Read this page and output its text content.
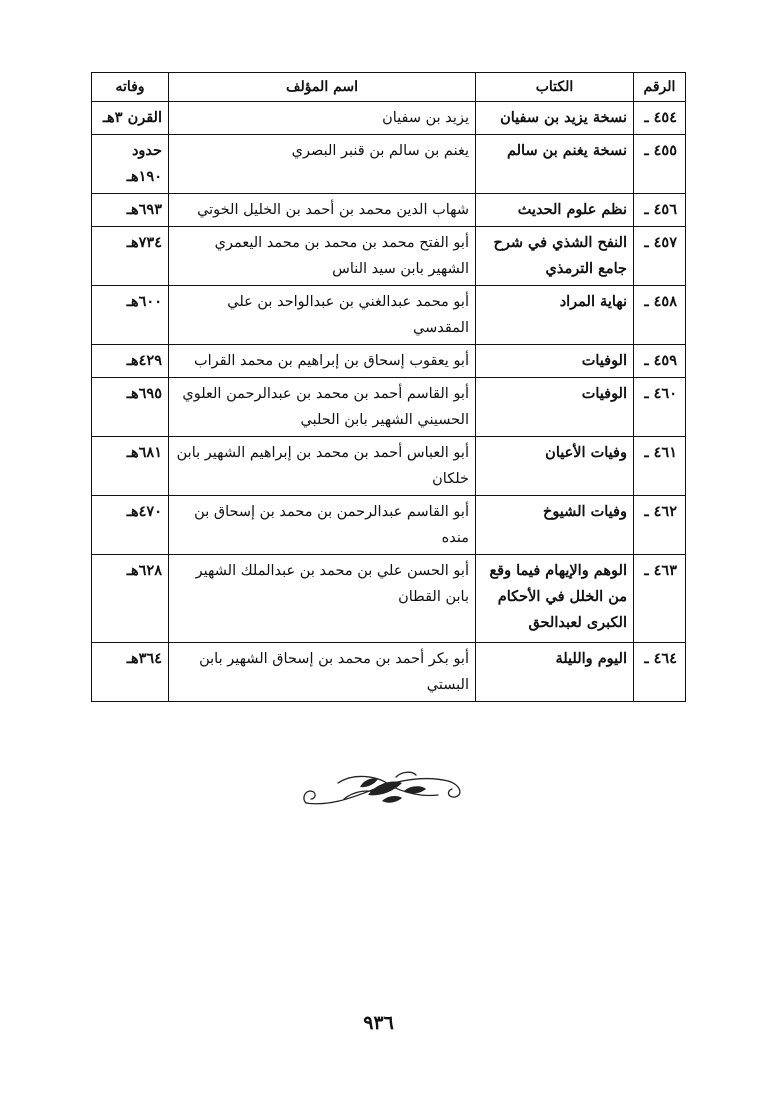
الرقم	الكتاب	اسم المؤلف	وفاته
٤٥٤ ـ	نسخة يزيد بن سفيان	يزيد بن سفيان	القرن ٣هـ
٤٥٥ ـ	نسخة يغنم بن سالم	يغنم بن سالم بن قنبر البصري	حدود ١٩٠هـ
٤٥٦ ـ	نظم علوم الحديث	شهاب الدين محمد بن أحمد بن الخليل الخوتي	٦٩٣هـ
٤٥٧ ـ	النفح الشذي في شرح جامع الترمذي	أبو الفتح محمد بن محمد بن محمد اليعمري الشهير بابن سيد الناس	٧٣٤هـ
٤٥٨ ـ	نهاية المراد	أبو محمد عبدالغني بن عبدالواحد بن علي المقدسي	٦٠٠هـ
٤٥٩ ـ	الوفيات	أبو يعقوب إسحاق بن إبراهيم بن محمد القراب	٤٢٩هـ
٤٦٠ ـ	الوفيات	أبو القاسم أحمد بن محمد بن عبدالرحمن العلوي الحسيني الشهير بابن الحلبي	٦٩٥هـ
٤٦١ ـ	وفيات الأعيان	أبو العباس أحمد بن محمد بن إبراهيم الشهير بابن خلكان	٦٨١هـ
٤٦٢ ـ	وفيات الشيوخ	أبو القاسم عبدالرحمن بن محمد بن إسحاق بن منده	٤٧٠هـ
٤٦٣ ـ	الوهم والإيهام فيما وقع من الخلل في الأحكام الكبرى لعبدالحق	أبو الحسن علي بن محمد بن عبدالملك الشهير بابن القطان	٦٢٨هـ
٤٦٤ ـ	اليوم والليلة	أبو بكر أحمد بن محمد بن إسحاق الشهير بابن البستي	٣٦٤هـ
٩٣٦
